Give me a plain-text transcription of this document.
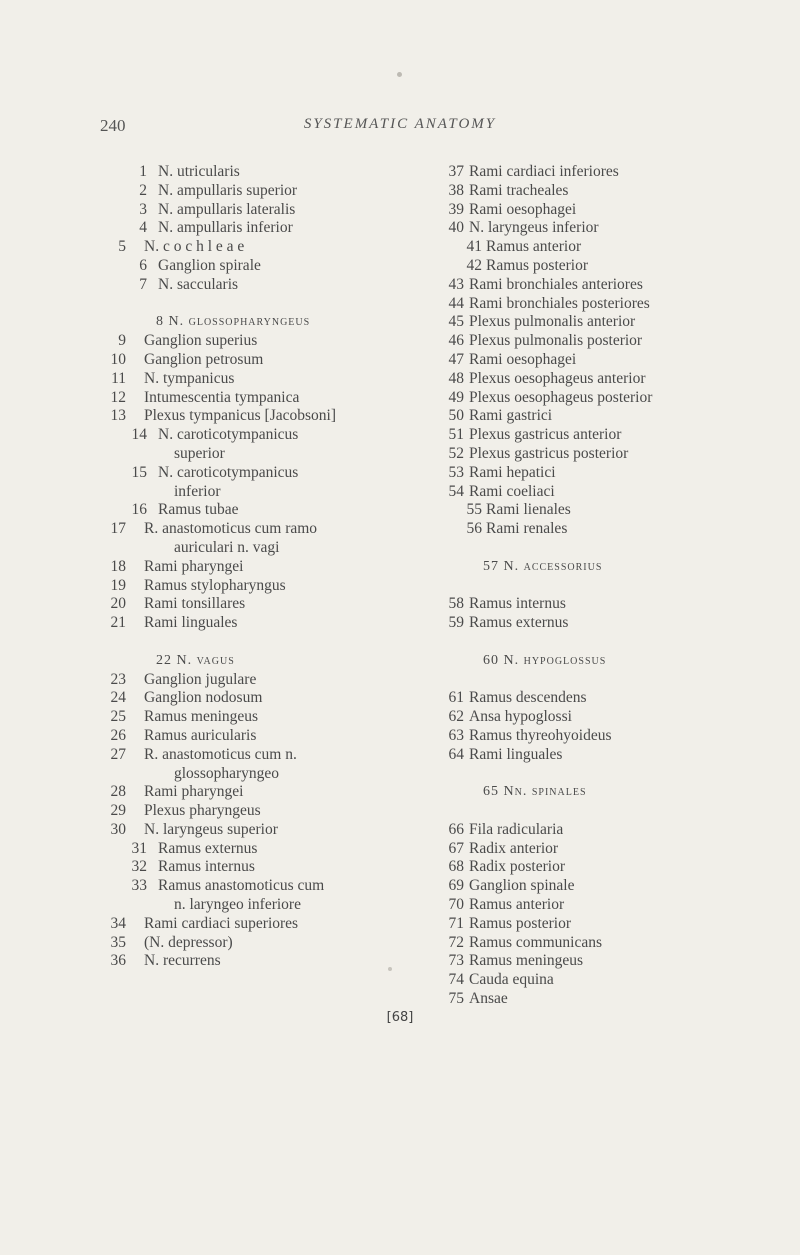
240	SYSTEMATIC ANATOMY
1 N. utricularis
2 N. ampullaris superior
3 N. ampullaris lateralis
4 N. ampullaris inferior
5 N. c o c h l e a e
6 Ganglion spirale
7 N. saccularis
8 N. glossopharyngeus
9 Ganglion superius
10 Ganglion petrosum
11 N. tympanicus
12 Intumescentia tympanica
13 Plexus tympanicus [Jacobsoni]
14 N. caroticotympanicus
superior
15 N. caroticotympanicus
inferior
16 Ramus tubae
17 R. anastomoticus cum ramo
auriculari n. vagi
18 Rami pharyngei
19 Ramus stylopharyngus
20 Rami tonsillares
21 Rami linguales
22 N. vagus
23 Ganglion jugulare
24 Ganglion nodosum
25 Ramus meningeus
26 Ramus auricularis
27 R. anastomoticus cum n.
glossopharyngeo
28 Rami pharyngei
29 Plexus pharyngeus
30 N. laryngeus superior
31 Ramus externus
32 Ramus internus
33 Ramus anastomoticus cum
n. laryngeo inferiore
34 Rami cardiaci superiores
35 (N. depressor)
36 N. recurrens
37 Rami cardiaci inferiores
38 Rami tracheales
39 Rami oesophagei
40 N. laryngeus inferior
41 Ramus anterior
42 Ramus posterior
43 Rami bronchiales anteriores
44 Rami bronchiales posteriores
45 Plexus pulmonalis anterior
46 Plexus pulmonalis posterior
47 Rami oesophagei
48 Plexus oesophageus anterior
49 Plexus oesophageus posterior
50 Rami gastrici
51 Plexus gastricus anterior
52 Plexus gastricus posterior
53 Rami hepatici
54 Rami coeliaci
55 Rami lienales
56 Rami renales
57 N. accessorius
58 Ramus internus
59 Ramus externus
60 N. hypoglossus
61 Ramus descendens
62 Ansa hypoglossi
63 Ramus thyreohyoideus
64 Rami linguales
65 Nn. spinales
66 Fila radicularia
67 Radix anterior
68 Radix posterior
69 Ganglion spinale
70 Ramus anterior
71 Ramus posterior
72 Ramus communicans
73 Ramus meningeus
74 Cauda equina
75 Ansae
[68]
